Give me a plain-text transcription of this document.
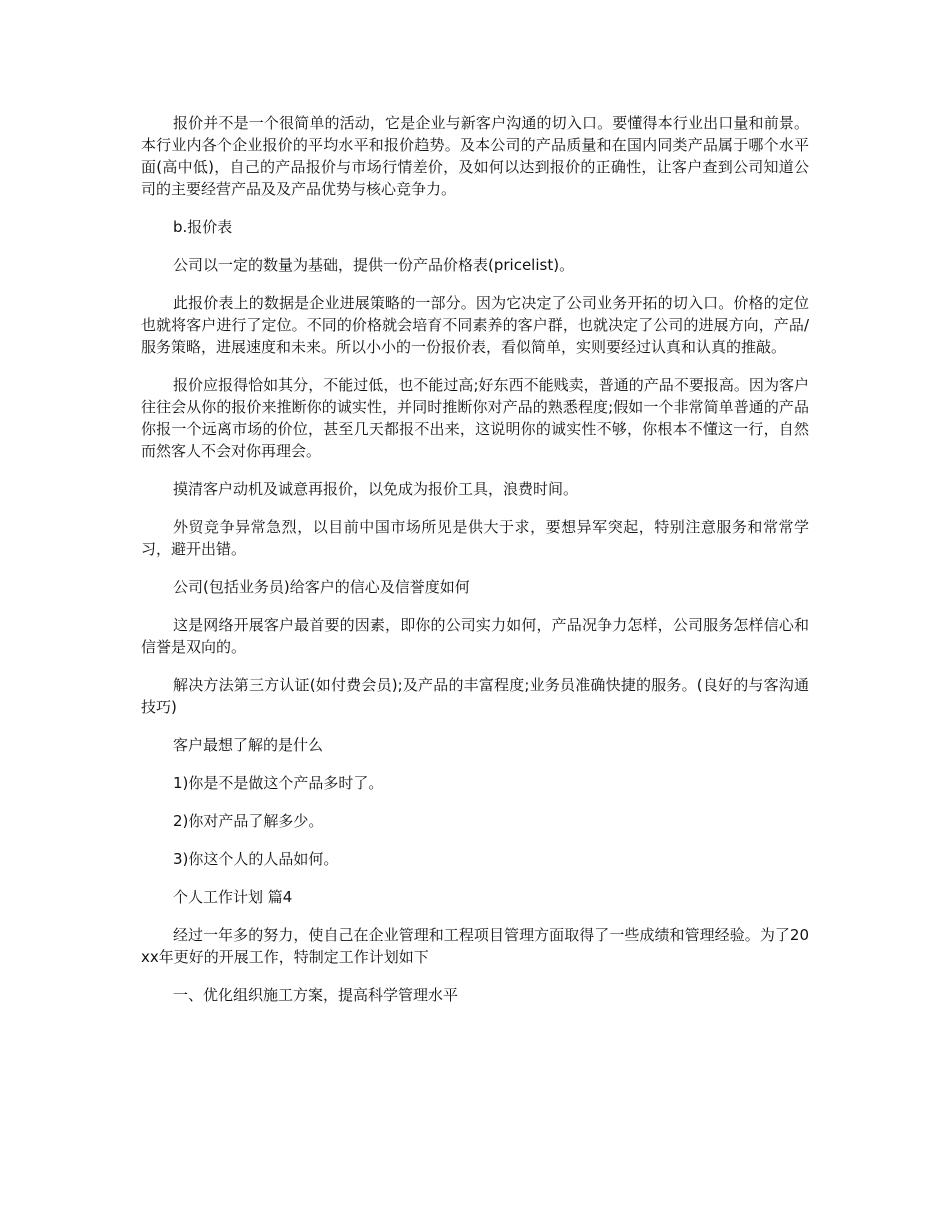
报价并不是一个很简单的活动，它是企业与新客户沟通的切入口。要懂得本行业出口量和前景。本行业内各个企业报价的平均水平和报价趋势。及本公司的产品质量和在国内同类产品属于哪个水平面(高中低)，自己的产品报价与市场行情差价，及如何以达到报价的正确性，让客户查到公司知道公司的主要经营产品及及产品优势与核心竞争力。

b.报价表

公司以一定的数量为基础，提供一份产品价格表(pricelist)。

此报价表上的数据是企业进展策略的一部分。因为它决定了公司业务开拓的切入口。价格的定位也就将客户进行了定位。不同的价格就会培育不同素养的客户群，也就决定了公司的进展方向，产品/服务策略，进展速度和未来。所以小小的一份报价表，看似简单，实则要经过认真和认真的推敲。

报价应报得恰如其分，不能过低，也不能过高;好东西不能贱卖，普通的产品不要报高。因为客户往往会从你的报价来推断你的诚实性，并同时推断你对产品的熟悉程度;假如一个非常简单普通的产品你报一个远离市场的价位，甚至几天都报不出来，这说明你的诚实性不够，你根本不懂这一行，自然而然客人不会对你再理会。

摸清客户动机及诚意再报价，以免成为报价工具，浪费时间。

外贸竞争异常急烈，以目前中国市场所见是供大于求，要想异军突起，特别注意服务和常常学习，避开出错。

公司(包括业务员)给客户的信心及信誉度如何

这是网络开展客户最首要的因素，即你的公司实力如何，产品况争力怎样，公司服务怎样信心和信誉是双向的。

解决方法第三方认证(如付费会员);及产品的丰富程度;业务员准确快捷的服务。(良好的与客沟通技巧)

客户最想了解的是什么

1)你是不是做这个产品多时了。

2)你对产品了解多少。

3)你这个人的人品如何。

个人工作计划 篇4

经过一年多的努力，使自己在企业管理和工程项目管理方面取得了一些成绩和管理经验。为了20xx年更好的开展工作，特制定工作计划如下

一、优化组织施工方案，提高科学管理水平
